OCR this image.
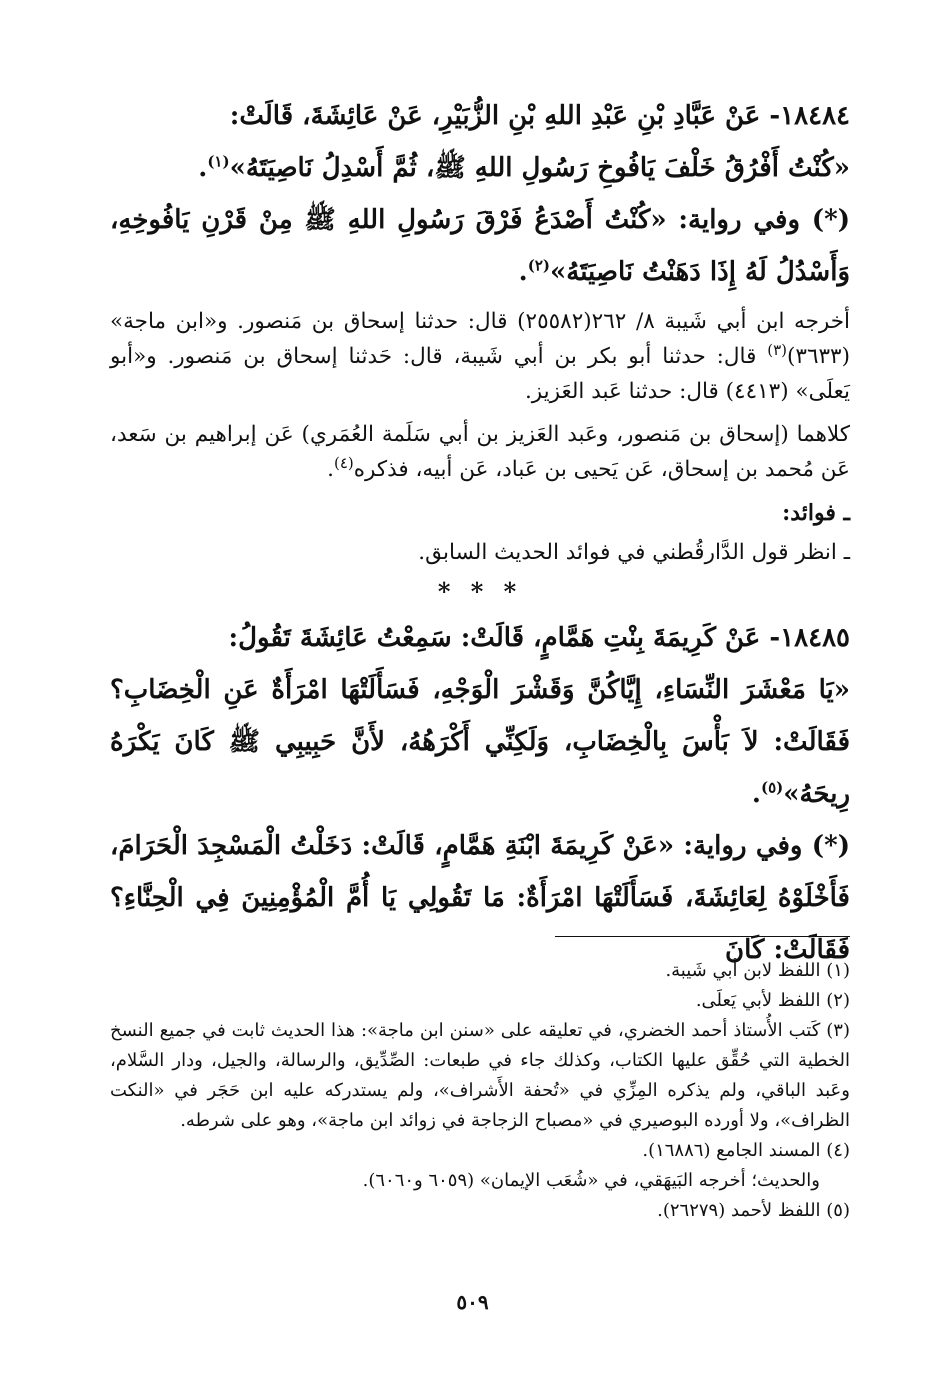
١٨٤٨٤- عَنْ عَبَّادِ بْنِ عَبْدِ اللهِ بْنِ الزُّبَيْرِ، عَنْ عَائِشَةَ، قَالَتْ:

«كُنْتُ أَفْرُقُ خَلْفَ يَافُوخِ رَسُولِ اللهِ ﷺ، ثُمَّ أَسْدِلُ نَاصِيَتَهُ»$^{(١)}$.

(*) وفي رواية: «كُنْتُ أَصْدَعُ فَرْقَ رَسُولِ اللهِ ﷺ مِنْ قَرْنِ يَافُوخِهِ، وَأَسْدُلُ لَهُ إِذَا دَهَنْتُ نَاصِيَتَهُ»$^{(٢)}$.

أخرجه ابن أبي شَيبة ٨/ ٢٦٢(٢٥٥٨٢) قال: حدثنا إسحاق بن مَنصور. و«ابن ماجة» (٣٦٣٣)$^{(٣)}$ قال: حدثنا أبو بكر بن أبي شَيبة، قال: حَدثنا إسحاق بن مَنصور. و«أبو يَعلَى» (٤٤١٣) قال: حدثنا عَبد العَزيز.

كلاهما (إسحاق بن مَنصور، وعَبد العَزيز بن أبي سَلَمة العُمَري) عَن إبراهيم بن سَعد، عَن مُحمد بن إسحاق، عَن يَحيى بن عَباد، عَن أبيه، فذكره$^{(٤)}$.

ـ فوائد:

ـ انظر قول الدَّارقُطني في فوائد الحديث السابق.

* * *

١٨٤٨٥- عَنْ كَرِيمَةَ بِنْتِ هَمَّامٍ، قَالَتْ: سَمِعْتُ عَائِشَةَ تَقُولُ:

«يَا مَعْشَرَ النِّسَاءِ، إِيَّاكُنَّ وَقَشْرَ الْوَجْهِ، فَسَأَلَتْهَا امْرَأَةٌ عَنِ الْخِضَابِ؟ فَقَالَتْ: لاَ بَأْسَ بِالْخِضَابِ، وَلَكِنِّي أَكْرَهُهُ، لأَنَّ حَبِيبِي ﷺ كَانَ يَكْرَهُ رِيحَهُ»$^{(٥)}$.

(*) وفي رواية: «عَنْ كَرِيمَةَ ابْنَةِ هَمَّامٍ، قَالَتْ: دَخَلْتُ الْمَسْجِدَ الْحَرَامَ، فَأَخْلَوْهُ لِعَائِشَةَ، فَسَأَلَتْهَا امْرَأَةٌ: مَا تَقُولِي يَا أُمَّ الْمُؤْمِنِينَ فِي الْحِنَّاءِ؟ فَقَالَتْ: كَانَ

(١) اللفظ لابن أبي شَيبة.

(٢) اللفظ لأبي يَعلَى.

(٣) كَتب الأُستاذ أحمد الخضري، في تعليقه على «سنن ابن ماجة»: هذا الحديث ثابت في جميع النسخ الخطية التي حُقِّق عليها الكتاب، وكذلك جاء في طبعات: الصِّدِّيق، والرسالة، والجيل، ودار السَّلام، وعَبد الباقي، ولم يذكره المِزِّي في «تُحفة الأَشراف»، ولم يستدركه عليه ابن حَجَر في «النكت الظراف»، ولا أورده البوصيري في «مصباح الزجاجة في زوائد ابن ماجة»، وهو على شرطه.

(٤) المسند الجامع (١٦٨٨٦).

والحديث؛ أخرجه البَيهَقي، في «شُعَب الإيمان» (٦٠٥٩ و٦٠٦٠).

(٥) اللفظ لأحمد (٢٦٢٧٩).

٥٠٩
